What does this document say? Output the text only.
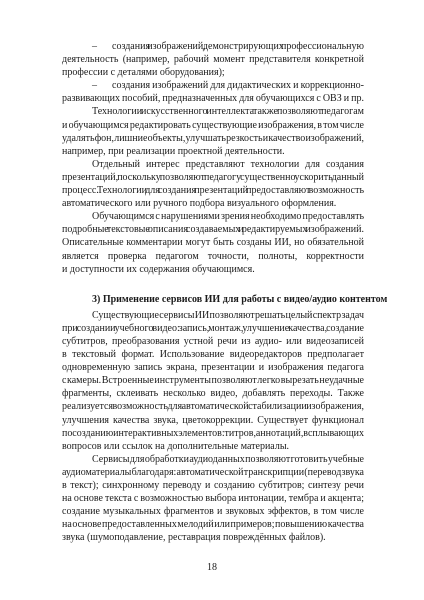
– создания изображений, демонстрирующих профессиональную
деятельность (например, рабочий момент представителя конкретной
профессии с деталями оборудования);
– создания изображений для дидактических и коррекционно-
развивающих пособий, предназначенных для обучающихся с ОВЗ и пр.
Технологии искусственного интеллекта также позволяют педагогам
и обучающимся редактировать существующие изображения, в том числе
удалять фон, лишние объекты, улучшать резкость и качество изображений,
например, при реализации проектной деятельности.
Отдельный интерес представляют технологии для создания
презентаций, поскольку позволяют педагогу существенно ускорить данный
процесс. Технологии для создания презентаций предоставляют возможность
автоматического или ручного подбора визуального оформления.
Обучающимся с нарушениями зрения необходимо предоставлять
подробные текстовые описания создаваемых и редактируемых изображений.
Описательные комментарии могут быть созданы ИИ, но обязательной
является проверка педагогом точности, полноты, корректности
и доступности их содержания обучающимся.
3) Применение сервисов ИИ для работы с видео/аудио контентом
Существующие сервисы ИИ позволяют решать целый спектр задач
при создании учебного видео: запись, монтаж, улучшение качества, создание
субтитров, преобразования устной речи из аудио- или видеозаписей
в текстовый формат. Использование видеоредакторов предполагает
одновременную запись экрана, презентации и изображения педагога
с камеры. Встроенные инструменты позволяют легко вырезать неудачные
фрагменты, склеивать несколько видео, добавлять переходы. Также
реализуется возможность для автоматической стабилизации изображения,
улучшения качества звука, цветокоррекции. Существует функционал
по созданию интерактивных элементов: титров, аннотаций, всплывающих
вопросов или ссылок на дополнительные материалы.
Сервисы для обработки аудиоданных позволяют готовить учебные
аудиоматериалы благодаря: автоматической транскрипции (перевод звука
в текст); синхронному переводу и созданию субтитров; синтезу речи
на основе текста с возможностью выбора интонации, тембра и акцента;
создание музыкальных фрагментов и звуковых эффектов, в том числе
на основе предоставленных мелодий или примеров; повышению качества
звука (шумоподавление, реставрация повреждённых файлов).
18
